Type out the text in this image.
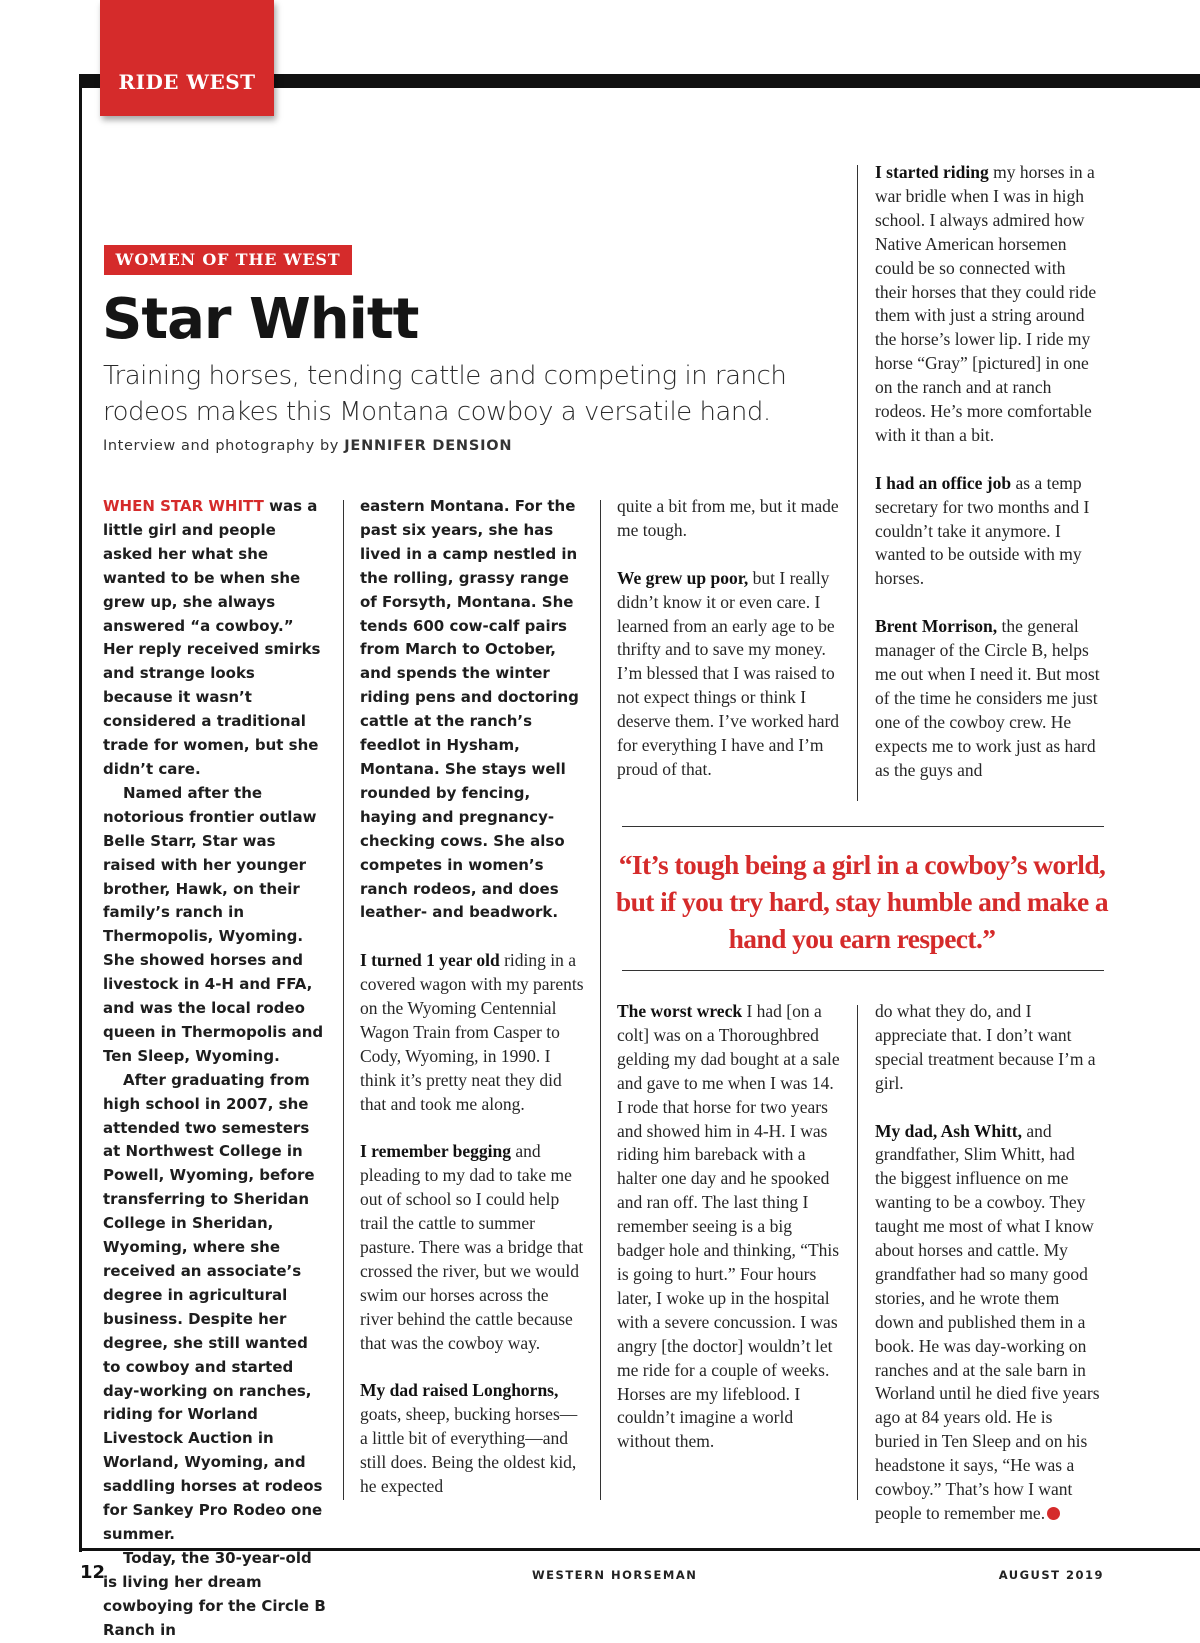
RIDE WEST
WOMEN OF THE WEST
Star Whitt

Training horses, tending cattle and competing in ranch rodeos makes this Montana cowboy a versatile hand.

Interview and photography by JENNIFER DENSION

WHEN STAR WHITT was a little girl and people asked her what she wanted to be when she grew up, she always answered “a cowboy.” Her reply received smirks and strange looks because it wasn’t considered a traditional trade for women, but she didn’t care.

Named after the notorious frontier outlaw Belle Starr, Star was raised with her younger brother, Hawk, on their family’s ranch in Thermopolis, Wyoming. She showed horses and livestock in 4-H and FFA, and was the local rodeo queen in Thermopolis and Ten Sleep, Wyoming.

After graduating from high school in 2007, she attended two semesters at Northwest College in Powell, Wyoming, before transferring to Sheridan College in Sheridan, Wyoming, where she received an associate’s degree in agricultural business. Despite her degree, she still wanted to cowboy and started day-working on ranches, riding for Worland Livestock Auction in Worland, Wyoming, and saddling horses at rodeos for Sankey Pro Rodeo one summer.

Today, the 30-year-old is living her dream cowboying for the Circle B Ranch in

eastern Montana. For the past six years, she has lived in a camp nestled in the rolling, grassy range of Forsyth, Montana. She tends 600 cow-calf pairs from March to October, and spends the winter riding pens and doctoring cattle at the ranch’s feedlot in Hysham, Montana. She stays well rounded by fencing, haying and pregnancy-checking cows. She also competes in women’s ranch rodeos, and does leather- and beadwork.

I turned 1 year old riding in a covered wagon with my parents on the Wyoming Centennial Wagon Train from Casper to Cody, Wyoming, in 1990. I think it’s pretty neat they did that and took me along.

I remember begging and pleading to my dad to take me out of school so I could help trail the cattle to summer pasture. There was a bridge that crossed the river, but we would swim our horses across the river behind the cattle because that was the cowboy way.

My dad raised Longhorns, goats, sheep, bucking horses—a little bit of everything—and still does. Being the oldest kid, he expected

quite a bit from me, but it made me tough.

We grew up poor, but I really didn’t know it or even care. I learned from an early age to be thrifty and to save my money. I’m blessed that I was raised to not expect things or think I deserve them. I’ve worked hard for everything I have and I’m proud of that.

I started riding my horses in a war bridle when I was in high school. I always admired how Native American horsemen could be so connected with their horses that they could ride them with just a string around the horse’s lower lip. I ride my horse “Gray” [pictured] in one on the ranch and at ranch rodeos. He’s more comfortable with it than a bit.

I had an office job as a temp secretary for two months and I couldn’t take it anymore. I wanted to be outside with my horses.

Brent Morrison, the general manager of the Circle B, helps me out when I need it. But most of the time he considers me just one of the cowboy crew. He expects me to work just as hard as the guys and

“It’s tough being a girl in a cowboy’s world, but if you try hard, stay humble and make a hand you earn respect.”

The worst wreck I had [on a colt] was on a Thoroughbred gelding my dad bought at a sale and gave to me when I was 14. I rode that horse for two years and showed him in 4-H. I was riding him bareback with a halter one day and he spooked and ran off. The last thing I remember seeing is a big badger hole and thinking, “This is going to hurt.” Four hours later, I woke up in the hospital with a severe concussion. I was angry [the doctor] wouldn’t let me ride for a couple of weeks. Horses are my lifeblood. I couldn’t imagine a world without them.

do what they do, and I appreciate that. I don’t want special treatment because I’m a girl.

My dad, Ash Whitt, and grandfather, Slim Whitt, had the biggest influence on me wanting to be a cowboy. They taught me most of what I know about horses and cattle. My grandfather had so many good stories, and he wrote them down and published them in a book. He was day-working on ranches and at the sale barn in Worland until he died five years ago at 84 years old. He is buried in Ten Sleep and on his headstone it says, “He was a cowboy.” That’s how I want people to remember me.

12	WESTERN HORSEMAN	AUGUST 2019
